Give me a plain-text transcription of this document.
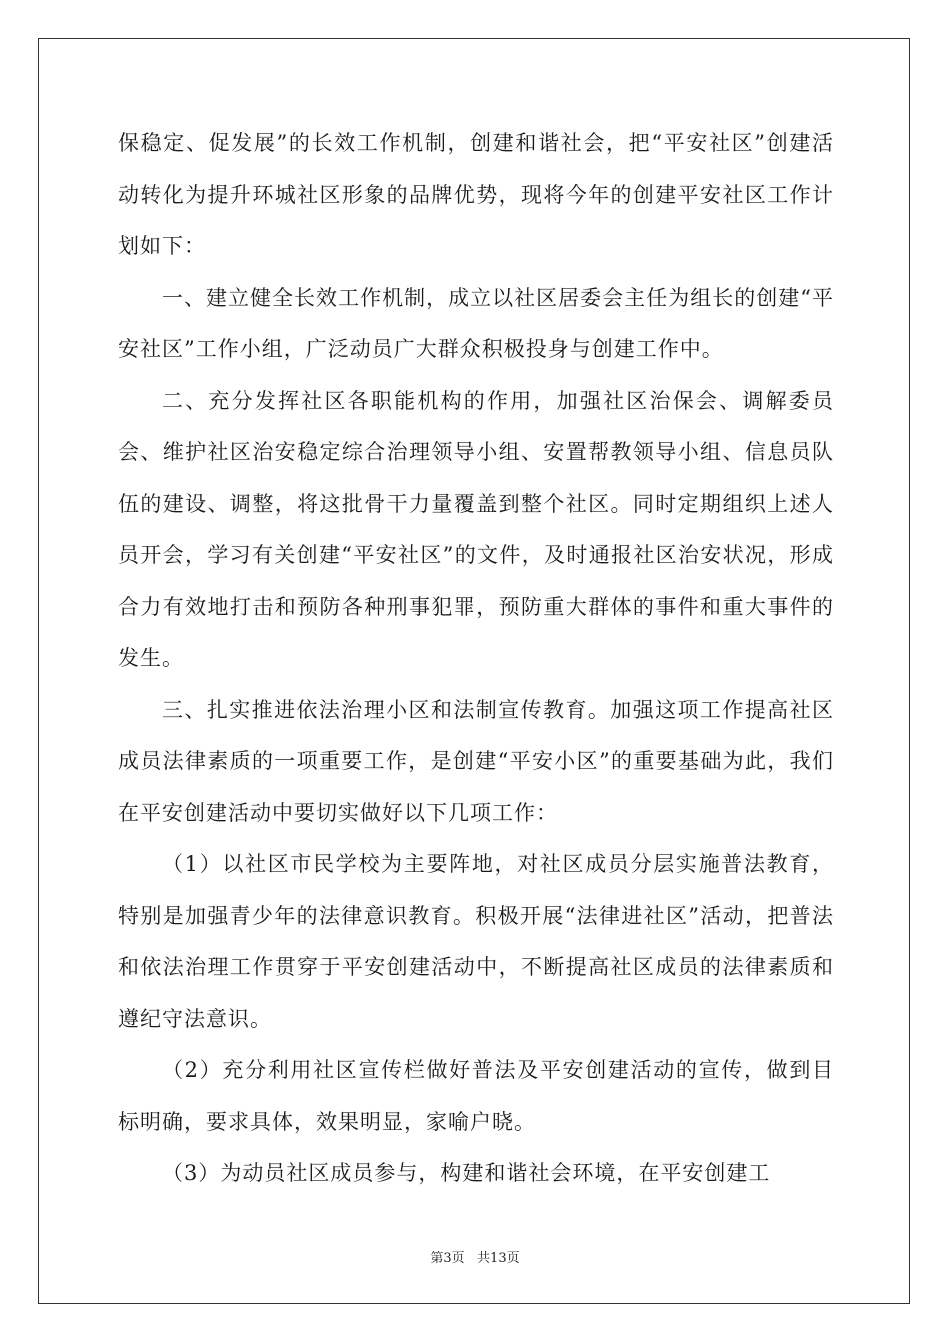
保稳定、促发展”的长效工作机制，创建和谐社会，把“平安社区”创建活动转化为提升环城社区形象的品牌优势，现将今年的创建平安社区工作计划如下：

一、建立健全长效工作机制，成立以社区居委会主任为组长的创建“平安社区”工作小组，广泛动员广大群众积极投身与创建工作中。

二、充分发挥社区各职能机构的作用，加强社区治保会、调解委员会、维护社区治安稳定综合治理领导小组、安置帮教领导小组、信息员队伍的建设、调整，将这批骨干力量覆盖到整个社区。同时定期组织上述人员开会，学习有关创建“平安社区”的文件，及时通报社区治安状况，形成合力有效地打击和预防各种刑事犯罪，预防重大群体的事件和重大事件的发生。

三、扎实推进依法治理小区和法制宣传教育。加强这项工作提高社区成员法律素质的一项重要工作，是创建“平安小区”的重要基础为此，我们在平安创建活动中要切实做好以下几项工作：

（1）以社区市民学校为主要阵地，对社区成员分层实施普法教育，特别是加强青少年的法律意识教育。积极开展“法律进社区”活动，把普法和依法治理工作贯穿于平安创建活动中，不断提高社区成员的法律素质和遵纪守法意识。

（2）充分利用社区宣传栏做好普法及平安创建活动的宣传，做到目标明确，要求具体，效果明显，家喻户晓。

（3）为动员社区成员参与，构建和谐社会环境，在平安创建工

第3页   共13页
